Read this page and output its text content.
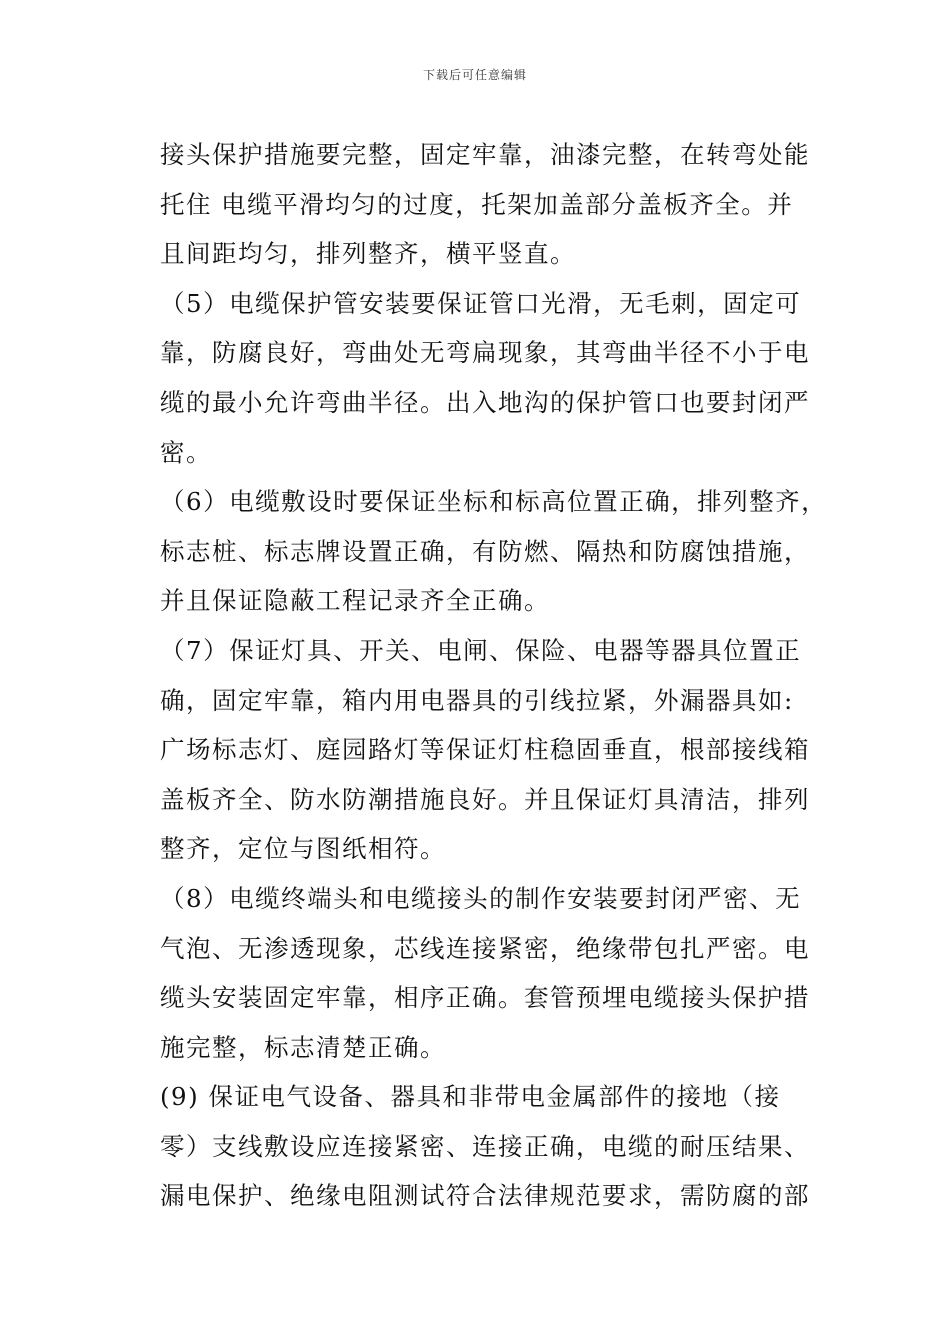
下载后可任意编辑
接头保护措施要完整，固定牢靠，油漆完整，在转弯处能
托住 电缆平滑均匀的过度，托架加盖部分盖板齐全。并
且间距均匀，排列整齐，横平竖直。
（5）电缆保护管安装要保证管口光滑，无毛刺，固定可
靠，防腐良好，弯曲处无弯扁现象，其弯曲半径不小于电
缆的最小允许弯曲半径。出入地沟的保护管口也要封闭严
密。
（6）电缆敷设时要保证坐标和标高位置正确，排列整齐，
标志桩、标志牌设置正确，有防燃、隔热和防腐蚀措施，
并且保证隐蔽工程记录齐全正确。
（7）保证灯具、开关、电闸、保险、电器等器具位置正
确，固定牢靠，箱内用电器具的引线拉紧，外漏器具如:
广场标志灯、庭园路灯等保证灯柱稳固垂直，根部接线箱
盖板齐全、防水防潮措施良好。并且保证灯具清洁，排列
整齐，定位与图纸相符。
（8）电缆终端头和电缆接头的制作安装要封闭严密、无
气泡、无渗透现象，芯线连接紧密，绝缘带包扎严密。电
缆头安装固定牢靠，相序正确。套管预埋电缆接头保护措
施完整，标志清楚正确。
(9) 保证电气设备、器具和非带电金属部件的接地（接
零）支线敷设应连接紧密、连接正确，电缆的耐压结果、
漏电保护、绝缘电阻测试符合法律规范要求，需防腐的部
